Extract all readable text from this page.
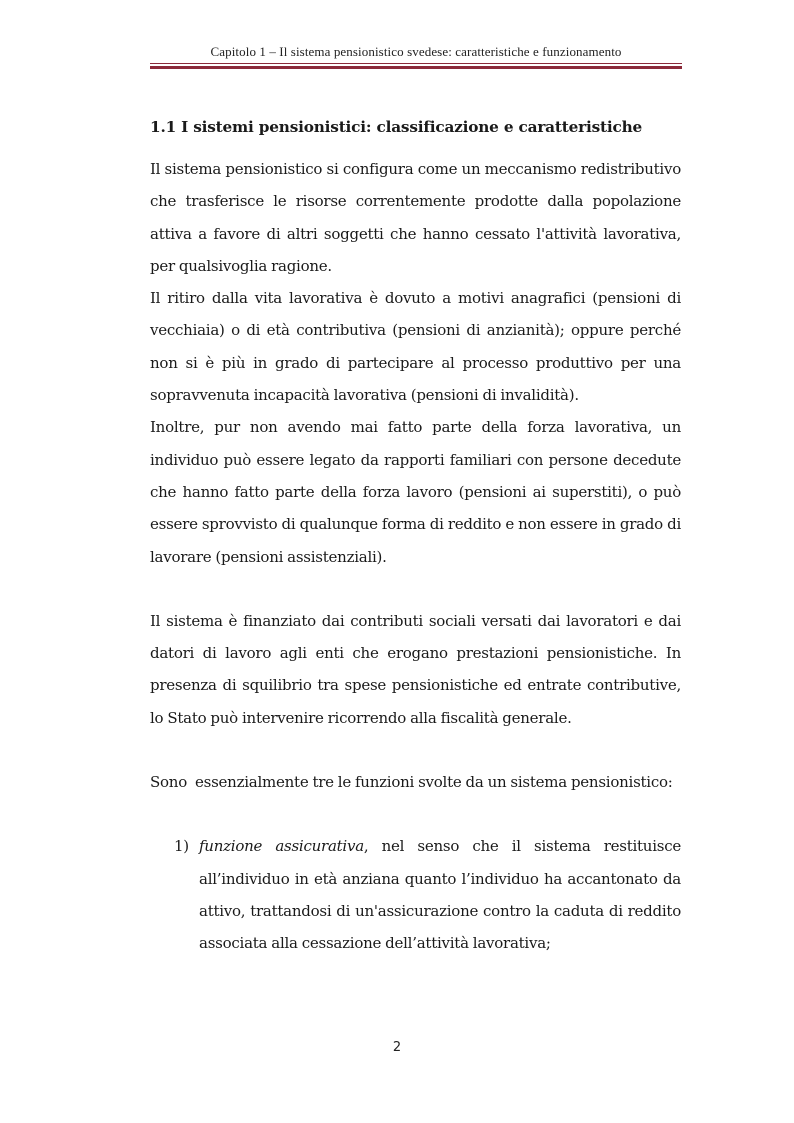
Capitolo 1 – Il sistema pensionistico svedese: caratteristiche e funzionamento
1.1 I sistemi pensionistici: classificazione e caratteristiche

Il sistema pensionistico si configura come un meccanismo redistributivo che trasferisce le risorse correntemente prodotte dalla popolazione attiva a favore di altri soggetti che hanno cessato l'attività lavorativa, per qualsivoglia ragione.

Il ritiro dalla vita lavorativa è dovuto a motivi anagrafici (pensioni di vecchiaia) o di età contributiva (pensioni di anzianità); oppure perché non si è più in grado di partecipare al processo produttivo per una sopravvenuta incapacità lavorativa (pensioni di invalidità).

Inoltre, pur non avendo mai fatto parte della forza lavorativa, un individuo può essere legato da rapporti familiari con persone decedute che hanno fatto parte della forza lavoro (pensioni ai superstiti), o può essere sprovvisto di qualunque forma di reddito e non essere in grado di lavorare (pensioni assistenziali).

Il sistema è finanziato dai contributi sociali versati dai lavoratori e dai datori di lavoro agli enti che erogano prestazioni pensionistiche. In presenza di squilibrio tra spese pensionistiche ed entrate contributive, lo Stato può intervenire ricorrendo alla fiscalità generale.

Sono  essenzialmente tre le funzioni svolte da un sistema pensionistico:

1) funzione assicurativa, nel senso che il sistema restituisce all’individuo in età anziana quanto l’individuo ha accantonato da attivo, trattandosi di un'assicurazione contro la caduta di reddito associata alla cessazione dell’attività lavorativa;
2
